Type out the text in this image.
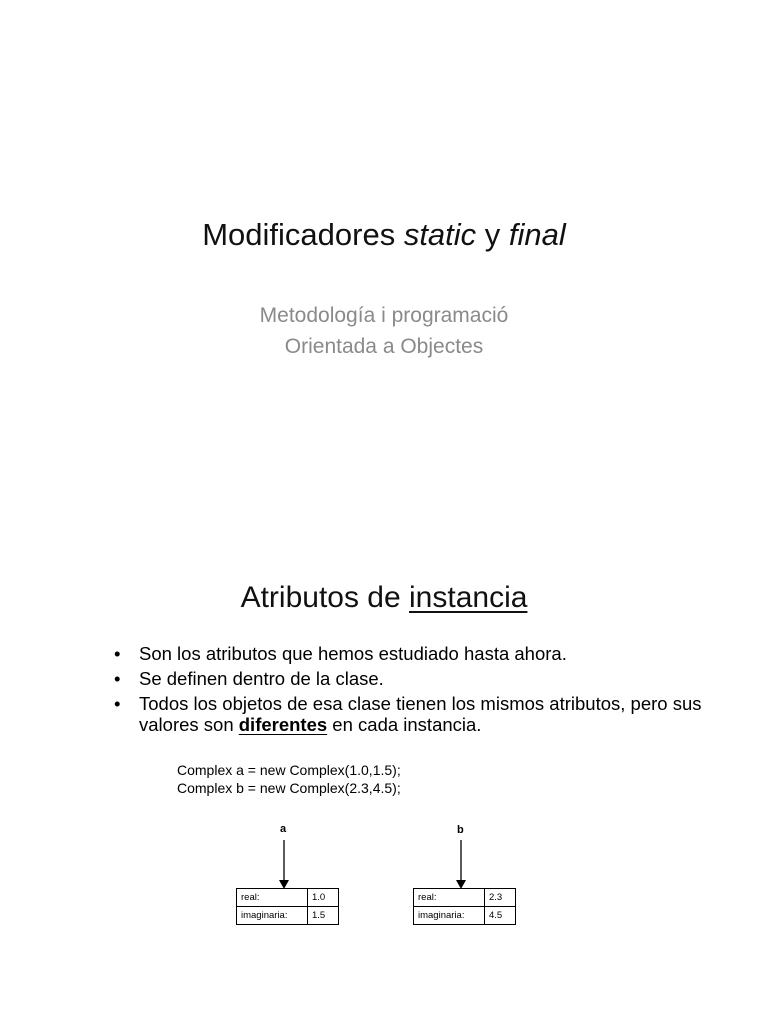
Modificadores static y final
Metodología i programació
Orientada a Objectes
Atributos de instancia
• Son los atributos que hemos estudiado hasta ahora.
• Se definen dentro de la clase.
• Todos los objetos de esa clase tienen los mismos atributos, pero sus valores son diferentes en cada instancia.
Complex a = new Complex(1.0,1.5);
Complex b = new Complex(2.3,4.5);
a	b
real:	1.0
imaginaria:	1.5
real:	2.3
imaginaria:	4.5
